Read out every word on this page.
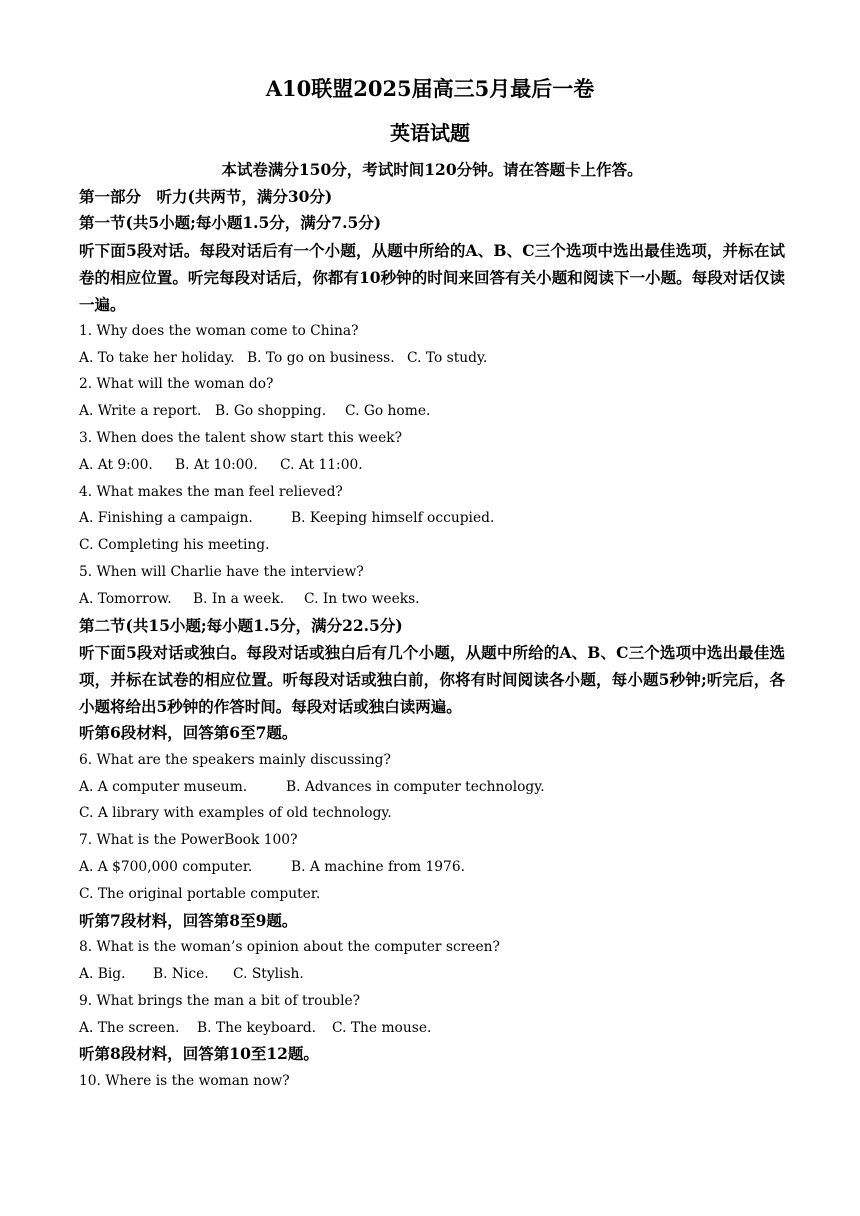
A10联盟2025届高三5月最后一卷
英语试题
本试卷满分150分，考试时间120分钟。请在答题卡上作答。
第一部分　听力(共两节，满分30分)
第一节(共5小题;每小题1.5分，满分7.5分)
听下面5段对话。每段对话后有一个小题，从题中所给的A、B、C三个选项中选出最佳选项，并标在试卷的相应位置。听完每段对话后，你都有10秒钟的时间来回答有关小题和阅读下一小题。每段对话仅读一遍。
1. Why does the woman come to China?
A. To take her holiday. B. To go on business. C. To study.
2. What will the woman do?
A. Write a report. B. Go shopping. C. Go home.
3. When does the talent show start this week?
A. At 9:00. B. At 10:00. C. At 11:00.
4. What makes the man feel relieved?
A. Finishing a campaign.	B. Keeping himself occupied.
C. Completing his meeting.
5. When will Charlie have the interview?
A. Tomorrow. B. In a week. C. In two weeks.
第二节(共15小题;每小题1.5分，满分22.5分)
听下面5段对话或独白。每段对话或独白后有几个小题，从题中所给的A、B、C三个选项中选出最佳选项，并标在试卷的相应位置。听每段对话或独白前，你将有时间阅读各小题，每小题5秒钟;听完后，各小题将给出5秒钟的作答时间。每段对话或独白读两遍。
听第6段材料，回答第6至7题。
6. What are the speakers mainly discussing?
A. A computer museum.	B. Advances in computer technology.
C. A library with examples of old technology.
7. What is the PowerBook 100?
A. A $700,000 computer.	B. A machine from 1976.
C. The original portable computer.
听第7段材料，回答第8至9题。
8. What is the woman’s opinion about the computer screen?
A. Big. B. Nice. C. Stylish.
9. What brings the man a bit of trouble?
A. The screen. B. The keyboard. C. The mouse.
听第8段材料，回答第10至12题。
10. Where is the woman now?
